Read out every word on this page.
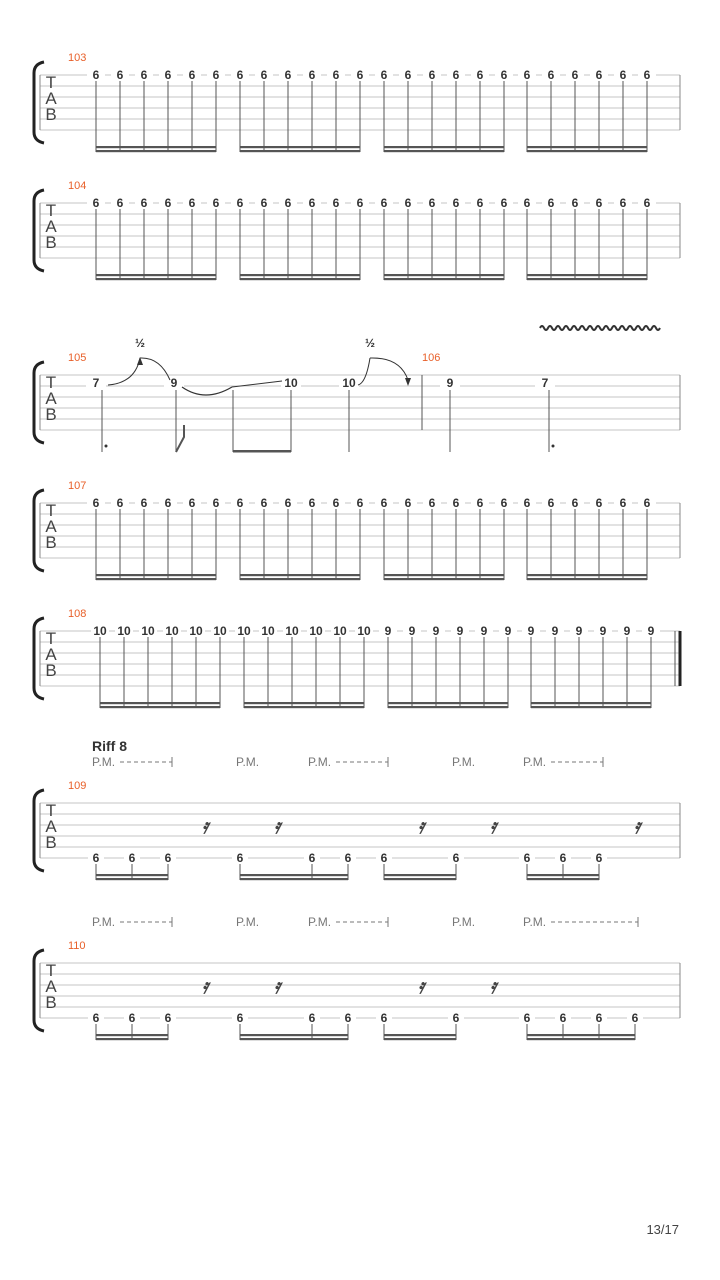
T
A
B
103
6 6 6 6 6 6 6 6 6 6 6 6 6 6 6 6 6 6 6 6 6 6 6 6
T
A
B
104
6 6 6 6 6 6 6 6 6 6 6 6 6 6 6 6 6 6 6 6 6 6 6 6
T
A
B
105	106
7	9	10	10	9	7
½	½
T
A
B
107
6 6 6 6 6 6 6 6 6 6 6 6 6 6 6 6 6 6 6 6 6 6 6 6
T
A
B
108
10 10 10 10 10 10 10 10 10 10 10 10 9 9 9 9 9 9 9 9 9 9 9 9
T
A
B
109
Riff 8
P.M.	P.M.	P.M.	P.M.	P.M.
𝄿	𝄿	𝄿	𝄿	𝄿
6 6 6	6	6 6 6	6	6 6 6
T
A
B
110
P.M.	P.M.	P.M.	P.M.	P.M.
𝄿	𝄿	𝄿	𝄿
6 6 6	6	6 6 6	6	6 6 6 6
13/17
